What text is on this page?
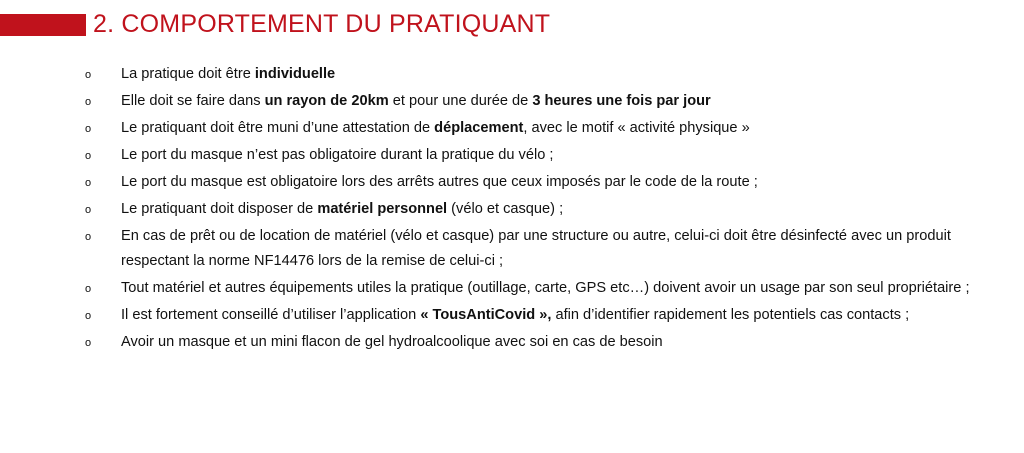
2. COMPORTEMENT DU PRATIQUANT
o La pratique doit être individuelle
o Elle doit se faire dans un rayon de 20km et pour une durée de 3 heures une fois par jour
o Le pratiquant doit être muni d’une attestation de déplacement, avec le motif « activité physique »
o Le port du masque n’est pas obligatoire durant la pratique du vélo ;
o Le port du masque est obligatoire lors des arrêts autres que ceux imposés par le code de la route ;
o Le pratiquant doit disposer de matériel personnel (vélo et casque) ;
o En cas de prêt ou de location de matériel (vélo et casque) par une structure ou autre, celui-ci doit être désinfecté avec un produit respectant la norme NF14476 lors de la remise de celui-ci ;
o Tout matériel et autres équipements utiles la pratique (outillage, carte, GPS etc…) doivent avoir un usage par son seul propriétaire ;
o Il est fortement conseillé d’utiliser l’application « TousAntiCovid », afin d’identifier rapidement les potentiels cas contacts ;
o Avoir un masque et un mini flacon de gel hydroalcoolique avec soi en cas de besoin
